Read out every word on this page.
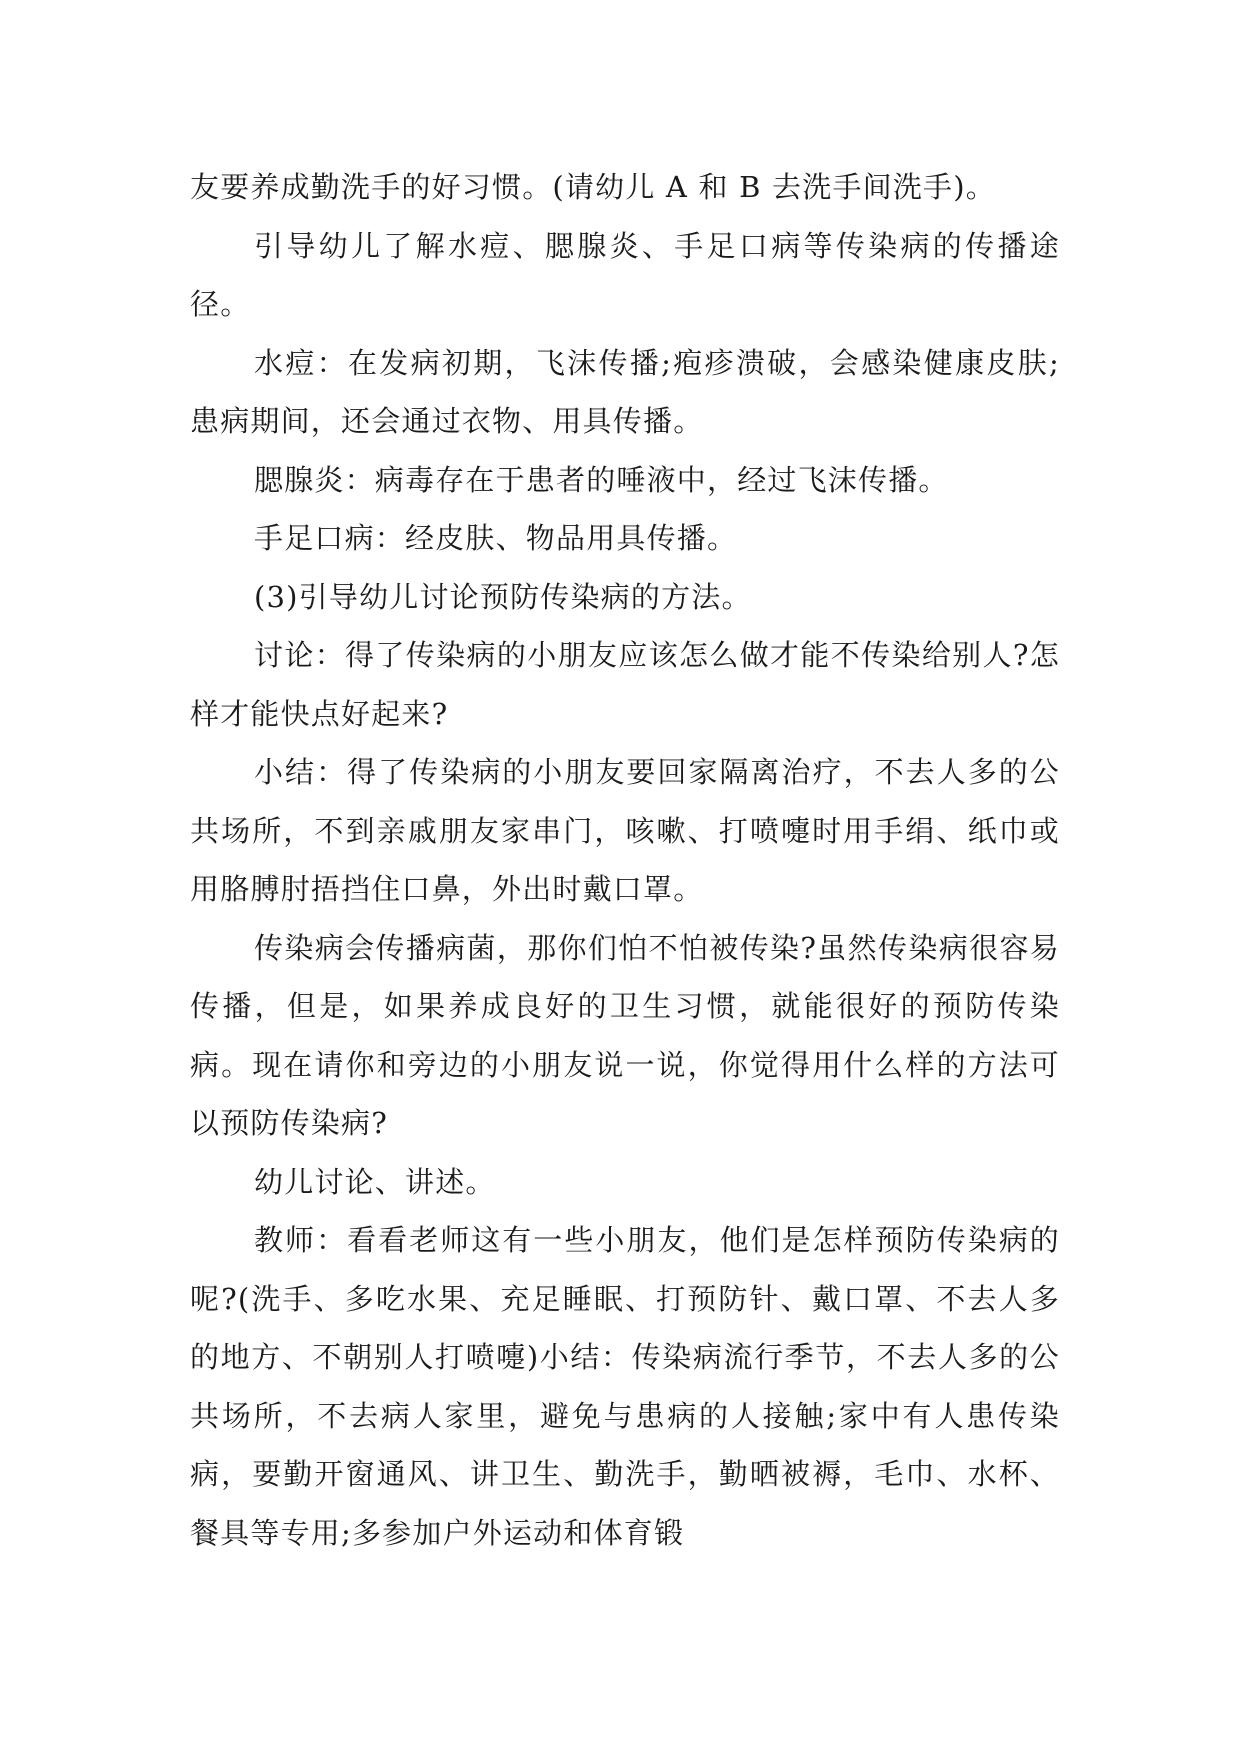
友要养成勤洗手的好习惯。(请幼儿 A 和 B 去洗手间洗手)。

引导幼儿了解水痘、腮腺炎、手足口病等传染病的传播途径。

水痘：在发病初期，飞沫传播;疱疹溃破，会感染健康皮肤;患病期间，还会通过衣物、用具传播。

腮腺炎：病毒存在于患者的唾液中，经过飞沫传播。

手足口病：经皮肤、物品用具传播。

(3)引导幼儿讨论预防传染病的方法。

讨论：得了传染病的小朋友应该怎么做才能不传染给别人?怎样才能快点好起来?

小结：得了传染病的小朋友要回家隔离治疗，不去人多的公共场所，不到亲戚朋友家串门，咳嗽、打喷嚏时用手绢、纸巾或用胳膊肘捂挡住口鼻，外出时戴口罩。

传染病会传播病菌，那你们怕不怕被传染?虽然传染病很容易传播，但是，如果养成良好的卫生习惯，就能很好的预防传染病。现在请你和旁边的小朋友说一说，你觉得用什么样的方法可以预防传染病?

幼儿讨论、讲述。

教师：看看老师这有一些小朋友，他们是怎样预防传染病的呢?(洗手、多吃水果、充足睡眠、打预防针、戴口罩、不去人多的地方、不朝别人打喷嚏)小结：传染病流行季节，不去人多的公共场所，不去病人家里，避免与患病的人接触;家中有人患传染病，要勤开窗通风、讲卫生、勤洗手，勤晒被褥，毛巾、水杯、餐具等专用;多参加户外运动和体育锻
